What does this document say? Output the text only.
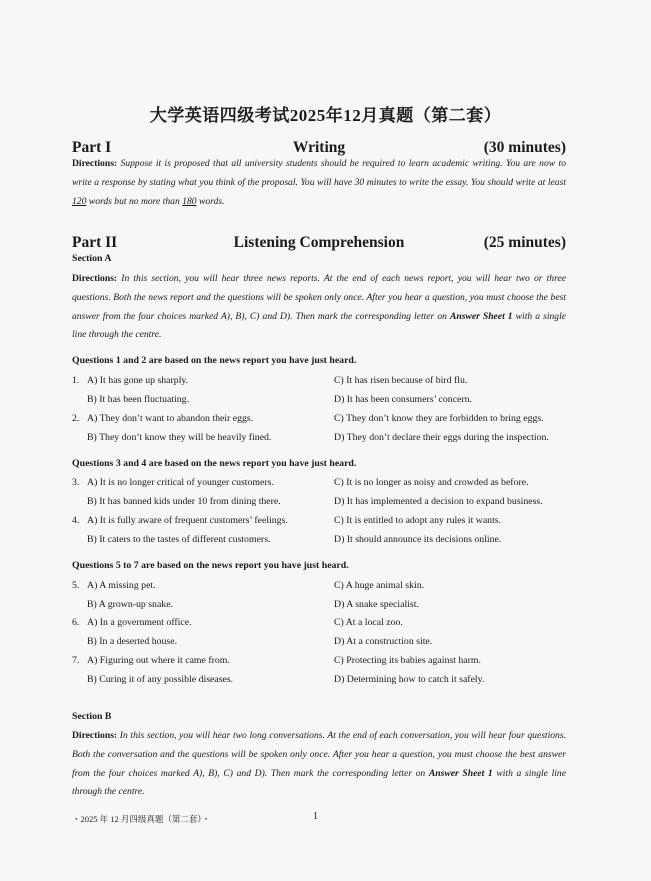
大学英语四级考试2025年12月真题（第二套）
Part I	Writing	(30 minutes)
Directions: Suppose it is proposed that all university students should be required to learn academic writing. You are now to write a response by stating what you think of the proposal. You will have 30 minutes to write the essay. You should write at least 120 words but no more than 180 words.
Part II	Listening Comprehension	(25 minutes)
Section A
Directions: In this section, you will hear three news reports. At the end of each news report, you will hear two or three questions. Both the news report and the questions will be spoken only once. After you hear a question, you must choose the best answer from the four choices marked A), B), C) and D). Then mark the corresponding letter on Answer Sheet 1 with a single line through the centre.
Questions 1 and 2 are based on the news report you have just heard.
1. A) It has gone up sharply.	C) It has risen because of bird flu.
B) It has been fluctuating.	D) It has been consumers’ concern.
2. A) They don’t want to abandon their eggs.	C) They don’t know they are forbidden to bring eggs.
B) They don’t know they will be heavily fined.	D) They don’t declare their eggs during the inspection.
Questions 3 and 4 are based on the news report you have just heard.
3. A) It is no longer critical of younger customers.	C) It is no longer as noisy and crowded as before.
B) It has banned kids under 10 from dining there.	D) It has implemented a decision to expand business.
4. A) It is fully aware of frequent customers’ feelings.	C) It is entitled to adopt any rules it wants.
B) It caters to the tastes of different customers.	D) It should announce its decisions online.
Questions 5 to 7 are based on the news report you have just heard.
5. A) A missing pet.	C) A huge animal skin.
B) A grown-up snake.	D) A snake specialist.
6. A) In a government office.	C) At a local zoo.
B) In a deserted house.	D) At a construction site.
7. A) Figuring out where it came from.	C) Protecting its babies against harm.
B) Curing it of any possible diseases.	D) Determining how to catch it safely.
Section B
Directions: In this section, you will hear two long conversations. At the end of each conversation, you will hear four questions. Both the conversation and the questions will be spoken only once. After you hear a question, you must choose the best answer from the four choices marked A), B), C) and D). Then mark the corresponding letter on Answer Sheet 1 with a single line through the centre.
・2025 年 12 月四级真题（第二套）・	1
